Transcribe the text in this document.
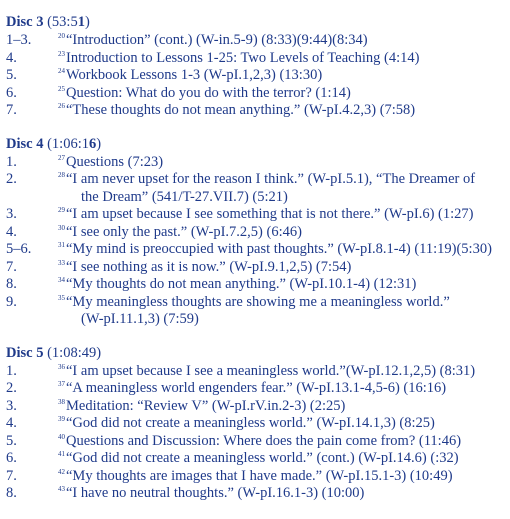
Disc 3 (53:51)
1–3.	$^{20}$“Introduction” (cont.) (W-in.5-9) (8:33)(9:44)(8:34)
4.	$^{23}$Introduction to Lessons 1-25: Two Levels of Teaching (4:14)
5.	$^{24}$Workbook Lessons 1-3 (W-pI.1,2,3) (13:30)
6.	$^{25}$Question: What do you do with the terror? (1:14)
7.	$^{26}$“These thoughts do not mean anything.” (W-pI.4.2,3) (7:58)
Disc 4 (1:06:16)
1.	$^{27}$Questions (7:23)
2.	$^{28}$“I am never upset for the reason I think.” (W-pI.5.1), “The Dreamer of
the Dream” (541/T-27.VII.7) (5:21)
3.	$^{29}$“I am upset because I see something that is not there.” (W-pI.6) (1:27)
4.	$^{30}$“I see only the past.” (W-pI.7.2,5) (6:46)
5–6.	$^{31}$“My mind is preoccupied with past thoughts.” (W-pI.8.1-4) (11:19)(5:30)
7.	$^{33}$“I see nothing as it is now.” (W-pI.9.1,2,5) (7:54)
8.	$^{34}$“My thoughts do not mean anything.” (W-pI.10.1-4) (12:31)
9.	$^{35}$“My meaningless thoughts are showing me a meaningless world.”
(W-pI.11.1,3) (7:59)
Disc 5 (1:08:49)
1.	$^{36}$“I am upset because I see a meaningless world.”(W-pI.12.1,2,5) (8:31)
2.	$^{37}$“A meaningless world engenders fear.” (W-pI.13.1-4,5-6) (16:16)
3.	$^{38}$Meditation: “Review V” (W-pI.rV.in.2-3) (2:25)
4.	$^{39}$“God did not create a meaningless world.” (W-pI.14.1,3) (8:25)
5.	$^{40}$Questions and Discussion: Where does the pain come from? (11:46)
6.	$^{41}$“God did not create a meaningless world.” (cont.) (W-pI.14.6) (:32)
7.	$^{42}$“My thoughts are images that I have made.” (W-pI.15.1-3) (10:49)
8.	$^{43}$“I have no neutral thoughts.” (W-pI.16.1-3) (10:00)
